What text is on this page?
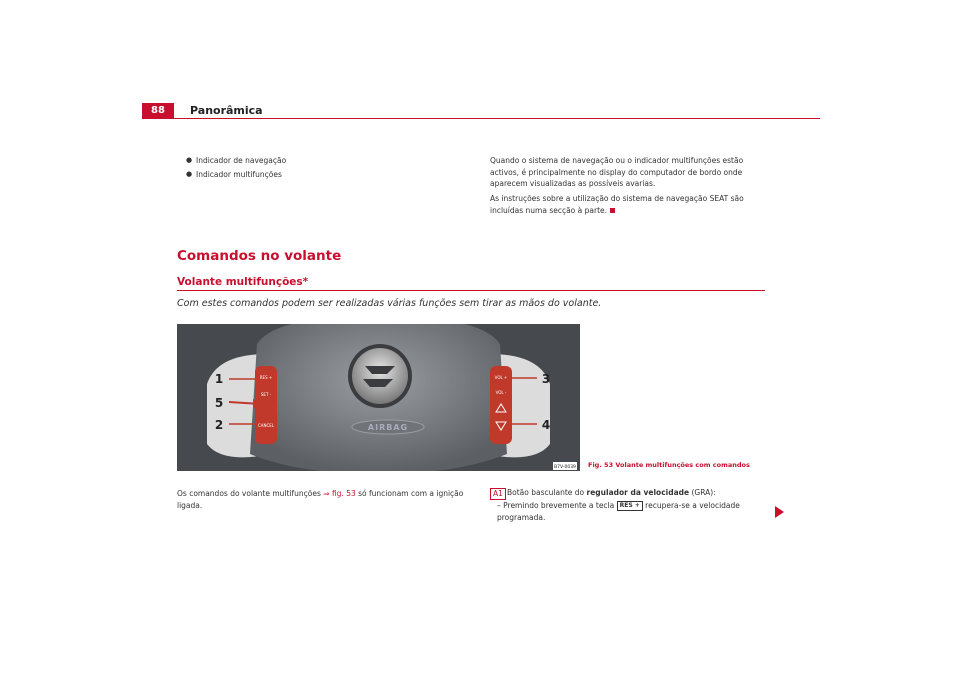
88	Panorâmica
● Indicador de navegação
● Indicador multifunções
Quando o sistema de navegação ou o indicador multifunções estão activos, é principalmente no display do computador de bordo onde aparecem visualizadas as possíveis avarias.
As instruções sobre a utilização do sistema de navegação SEAT são incluídas numa secção à parte.
Comandos no volante
Volante multifunções*
Com estes comandos podem ser realizadas várias funções sem tirar as mãos do volante.
AIRBAG
RES +
SET -
CANCEL
VOL +
VOL -
1
5
2
3
4
B7V-0039 Fig. 53 Volante multifunções com comandos
Os comandos do volante multifunções ⇒ fig. 53 só funcionam com a ignição ligada.
A1 Botão basculante do regulador da velocidade (GRA):
– Premindo brevemente a tecla RES + recupera-se a velocidade programada.
